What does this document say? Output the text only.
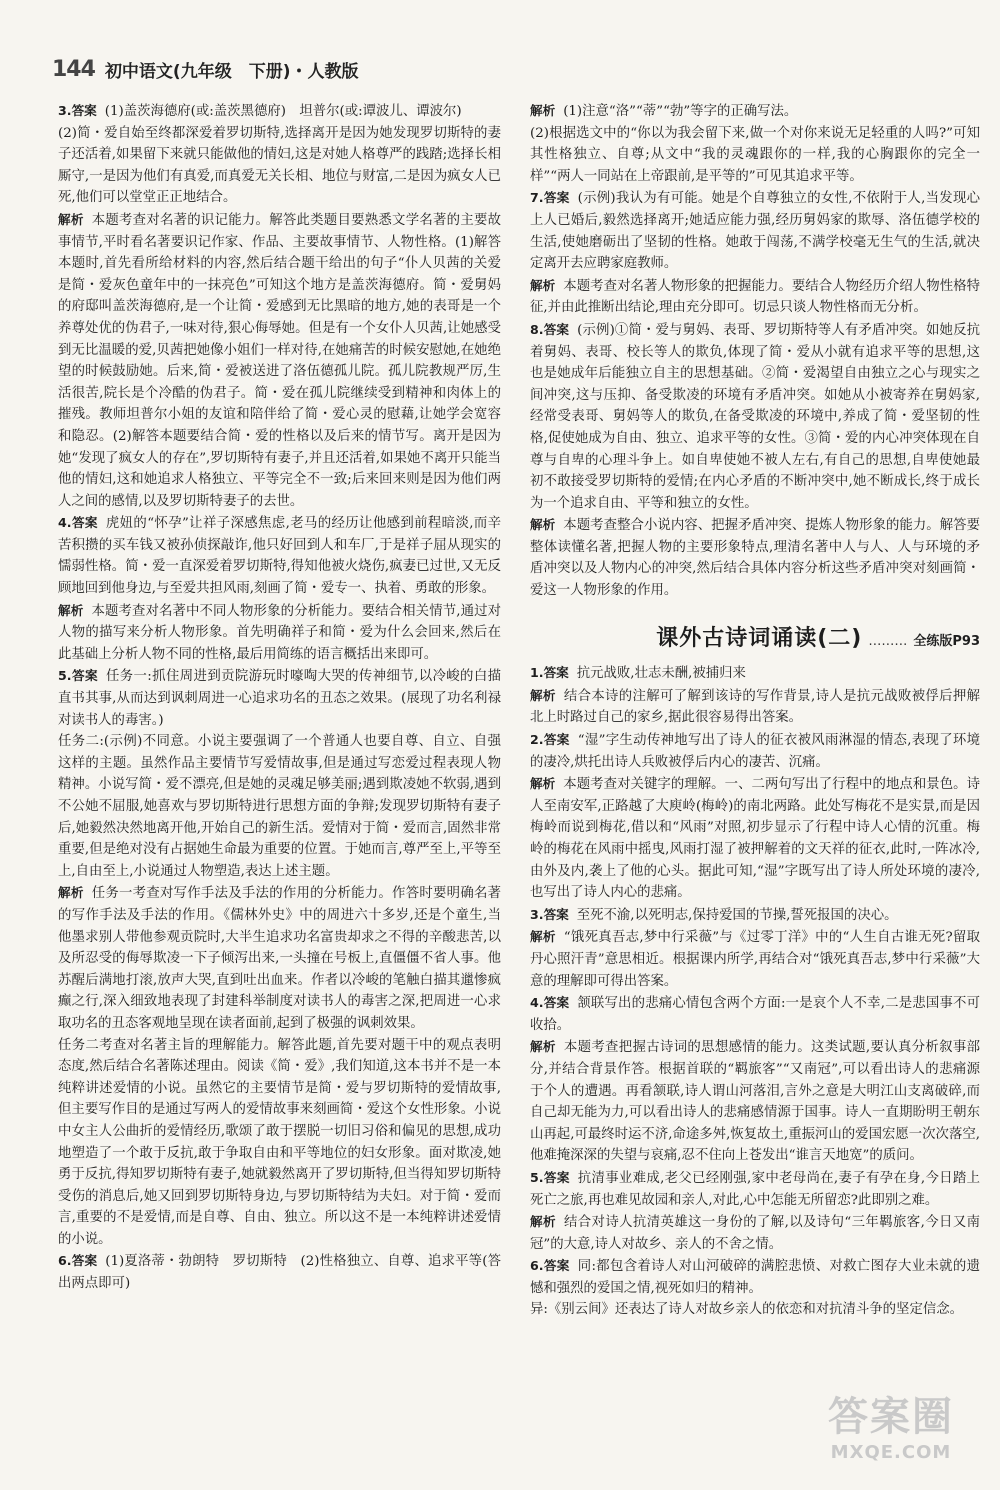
144 初中语文(九年级　下册)・人教版

3.答案 (1)盖茨海德府(或:盖茨黑德府)　坦普尔(或:谭波儿、谭波尔)

(2)简・爱自始至终都深爱着罗切斯特,选择离开是因为她发现罗切斯特的妻子还活着,如果留下来就只能做他的情妇,这是对她人格尊严的践踏;选择长相厮守,一是因为他们有真爱,而真爱无关长相、地位与财富,二是因为疯女人已死,他们可以堂堂正正地结合。

解析 本题考查对名著的识记能力。解答此类题目要熟悉文学名著的主要故事情节,平时看名著要识记作家、作品、主要故事情节、人物性格。(1)解答本题时,首先看所给材料的内容,然后结合题干给出的句子“仆人贝茜的关爱是简・爱灰色童年中的一抹亮色”可知这个地方是盖茨海德府。简・爱舅妈的府邸叫盖茨海德府,是一个让简・爱感到无比黑暗的地方,她的表哥是一个养尊处优的伪君子,一味对待,狠心侮辱她。但是有一个女仆人贝茜,让她感受到无比温暖的爱,贝茜把她像小姐们一样对待,在她痛苦的时候安慰她,在她绝望的时候鼓励她。后来,简・爱被送进了洛伍德孤儿院。孤儿院教规严厉,生活很苦,院长是个冷酷的伪君子。简・爱在孤儿院继续受到精神和肉体上的摧残。教师坦普尔小姐的友谊和陪伴给了简・爱心灵的慰藉,让她学会宽容和隐忍。(2)解答本题要结合简・爱的性格以及后来的情节写。离开是因为她“发现了疯女人的存在”,罗切斯特有妻子,并且还活着,如果她不离开只能当他的情妇,这和她追求人格独立、平等完全不一致;后来回来则是因为他们两人之间的感情,以及罗切斯特妻子的去世。

4.答案 虎妞的“怀孕”让祥子深感焦虑,老马的经历让他感到前程暗淡,而辛苦积攒的买车钱又被孙侦探敲诈,他只好回到人和车厂,于是祥子屈从现实的懦弱性格。简・爱一直深爱着罗切斯特,得知他被火烧伤,疯妻已过世,又无反顾地回到他身边,与至爱共担风雨,刻画了简・爱专一、执着、勇敢的形象。

解析 本题考查对名著中不同人物形象的分析能力。要结合相关情节,通过对人物的描写来分析人物形象。首先明确祥子和简・爱为什么会回来,然后在此基础上分析人物不同的性格,最后用简练的语言概括出来即可。

5.答案 任务一:抓住周进到贡院游玩时嚎啕大哭的传神细节,以冷峻的白描直书其事,从而达到讽刺周进一心追求功名的丑态之效果。(展现了功名利禄对读书人的毒害。)

任务二:(示例)不同意。小说主要强调了一个普通人也要自尊、自立、自强这样的主题。虽然作品主要情节写爱情故事,但是通过写恋爱过程表现人物精神。小说写简・爱不漂亮,但是她的灵魂足够美丽;遇到欺凌她不软弱,遇到不公她不屈服,她喜欢与罗切斯特进行思想方面的争辩;发现罗切斯特有妻子后,她毅然决然地离开他,开始自己的新生活。爱情对于简・爱而言,固然非常重要,但是绝对没有占据她生命最为重要的位置。于她而言,尊严至上,平等至上,自由至上,小说通过人物塑造,表达上述主题。

解析 任务一考查对写作手法及手法的作用的分析能力。作答时要明确名著的写作手法及手法的作用。《儒林外史》中的周进六十多岁,还是个童生,当他墨求别人带他参观贡院时,大半生追求功名富贵却求之不得的辛酸悲苦,以及所忍受的侮辱欺凌一下子倾泻出来,一头撞在号板上,直僵僵不省人事。他苏醒后满地打滚,放声大哭,直到吐出血来。作者以冷峻的笔触白描其邋惨疯癫之行,深入细致地表现了封建科举制度对读书人的毒害之深,把周进一心求取功名的丑态客观地呈现在读者面前,起到了极强的讽刺效果。

任务二考查对名著主旨的理解能力。解答此题,首先要对题干中的观点表明态度,然后结合名著陈述理由。阅读《简・爱》,我们知道,这本书并不是一本纯粹讲述爱情的小说。虽然它的主要情节是简・爱与罗切斯特的爱情故事,但主要写作目的是通过写两人的爱情故事来刻画简・爱这个女性形象。小说中女主人公曲折的爱情经历,歌颂了敢于摆脱一切旧习俗和偏见的思想,成功地塑造了一个敢于反抗,敢于争取自由和平等地位的妇女形象。面对欺凌,她勇于反抗,得知罗切斯特有妻子,她就毅然离开了罗切斯特,但当得知罗切斯特受伤的消息后,她又回到罗切斯特身边,与罗切斯特结为夫妇。对于简・爱而言,重要的不是爱情,而是自尊、自由、独立。所以这不是一本纯粹讲述爱情的小说。

6.答案 (1)夏洛蒂・勃朗特　罗切斯特　(2)性格独立、自尊、追求平等(答出两点即可)

解析 (1)注意“洛”“蒂”“勃”等字的正确写法。

(2)根据选文中的“你以为我会留下来,做一个对你来说无足轻重的人吗?”可知其性格独立、自尊;从文中“我的灵魂跟你的一样,我的心胸跟你的完全一样”“两人一同站在上帝跟前,是平等的”可见其追求平等。

7.答案 (示例)我认为有可能。她是个自尊独立的女性,不依附于人,当发现心上人已婚后,毅然选择离开;她适应能力强,经历舅妈家的欺辱、洛伍德学校的生活,使她磨砺出了坚韧的性格。她敢于闯荡,不满学校毫无生气的生活,就决定离开去应聘家庭教师。

解析 本题考查对名著人物形象的把握能力。要结合人物经历介绍人物性格特征,并由此推断出结论,理由充分即可。切忌只谈人物性格而无分析。

8.答案 (示例)①简・爱与舅妈、表哥、罗切斯特等人有矛盾冲突。如她反抗着舅妈、表哥、校长等人的欺负,体现了简・爱从小就有追求平等的思想,这也是她成年后能独立自主的思想基础。②简・爱渴望自由独立之心与现实之间冲突,这与压抑、备受欺凌的环境有矛盾冲突。如她从小被寄养在舅妈家,经常受表哥、舅妈等人的欺负,在备受欺凌的环境中,养成了简・爱坚韧的性格,促使她成为自由、独立、追求平等的女性。③简・爱的内心冲突体现在自尊与自卑的心理斗争上。如自卑使她不被人左右,有自己的思想,自卑使她最初不敢接受罗切斯特的爱情;在内心矛盾的不断冲突中,她不断成长,终于成长为一个追求自由、平等和独立的女性。

解析 本题考查整合小说内容、把握矛盾冲突、提炼人物形象的能力。解答要整体读懂名著,把握人物的主要形象特点,理清名著中人与人、人与环境的矛盾冲突以及人物内心的冲突,然后结合具体内容分析这些矛盾冲突对刻画简・爱这一人物形象的作用。

课外古诗词诵读(二) ……… 全练版P93

1.答案 抗元战败,壮志未酬,被捕归来

解析 结合本诗的注解可了解到该诗的写作背景,诗人是抗元战败被俘后押解北上时路过自己的家乡,据此很容易得出答案。

2.答案 “湿”字生动传神地写出了诗人的征衣被风雨淋湿的情态,表现了环境的凄冷,烘托出诗人兵败被俘后内心的凄苦、沉痛。

解析 本题考查对关键字的理解。一、二两句写出了行程中的地点和景色。诗人至南安军,正路越了大庾岭(梅岭)的南北两路。此处写梅花不是实景,而是因梅岭而说到梅花,借以和“风雨”对照,初步显示了行程中诗人心情的沉重。梅岭的梅花在风雨中摇曳,风雨打湿了被押解着的文天祥的征衣,此时,一阵冰冷,由外及内,袭上了他的心头。据此可知,“湿”字既写出了诗人所处环境的凄冷,也写出了诗人内心的悲痛。

3.答案 至死不渝,以死明志,保持爱国的节操,誓死报国的决心。

解析 “饿死真吾志,梦中行采薇”与《过零丁洋》中的“人生自古谁无死?留取丹心照汗青”意思相近。根据课内所学,再结合对“饿死真吾志,梦中行采薇”大意的理解即可得出答案。

4.答案 颔联写出的悲痛心情包含两个方面:一是哀个人不幸,二是悲国事不可收拾。

解析 本题考查把握古诗词的思想感情的能力。这类试题,要认真分析叙事部分,并结合背景作答。根据首联的“羁旅客”“又南冠”,可以看出诗人的悲痛源于个人的遭遇。再看颔联,诗人谓山河落泪,言外之意是大明江山支离破碎,而自己却无能为力,可以看出诗人的悲痛感情源于国事。诗人一直期盼明王朝东山再起,可最终时运不济,命途多舛,恢复故土,重振河山的爱国宏愿一次次落空,他难掩深深的失望与哀痛,忍不住向上苍发出“谁言天地宽”的质问。

5.答案 抗清事业难成,老父已经刚强,家中老母尚在,妻子有孕在身,今日踏上死亡之旅,再也难见故园和亲人,对此,心中怎能无所留恋?此即别之难。

解析 结合对诗人抗清英雄这一身份的了解,以及诗句“三年羁旅客,今日又南冠”的大意,诗人对故乡、亲人的不舍之情。

6.答案 同:都包含着诗人对山河破碎的满腔悲愤、对救亡图存大业未就的遗憾和强烈的爱国之情,视死如归的精神。

异:《别云间》还表达了诗人对故乡亲人的依恋和对抗清斗争的坚定信念。

答案圈
MXQE.COM
